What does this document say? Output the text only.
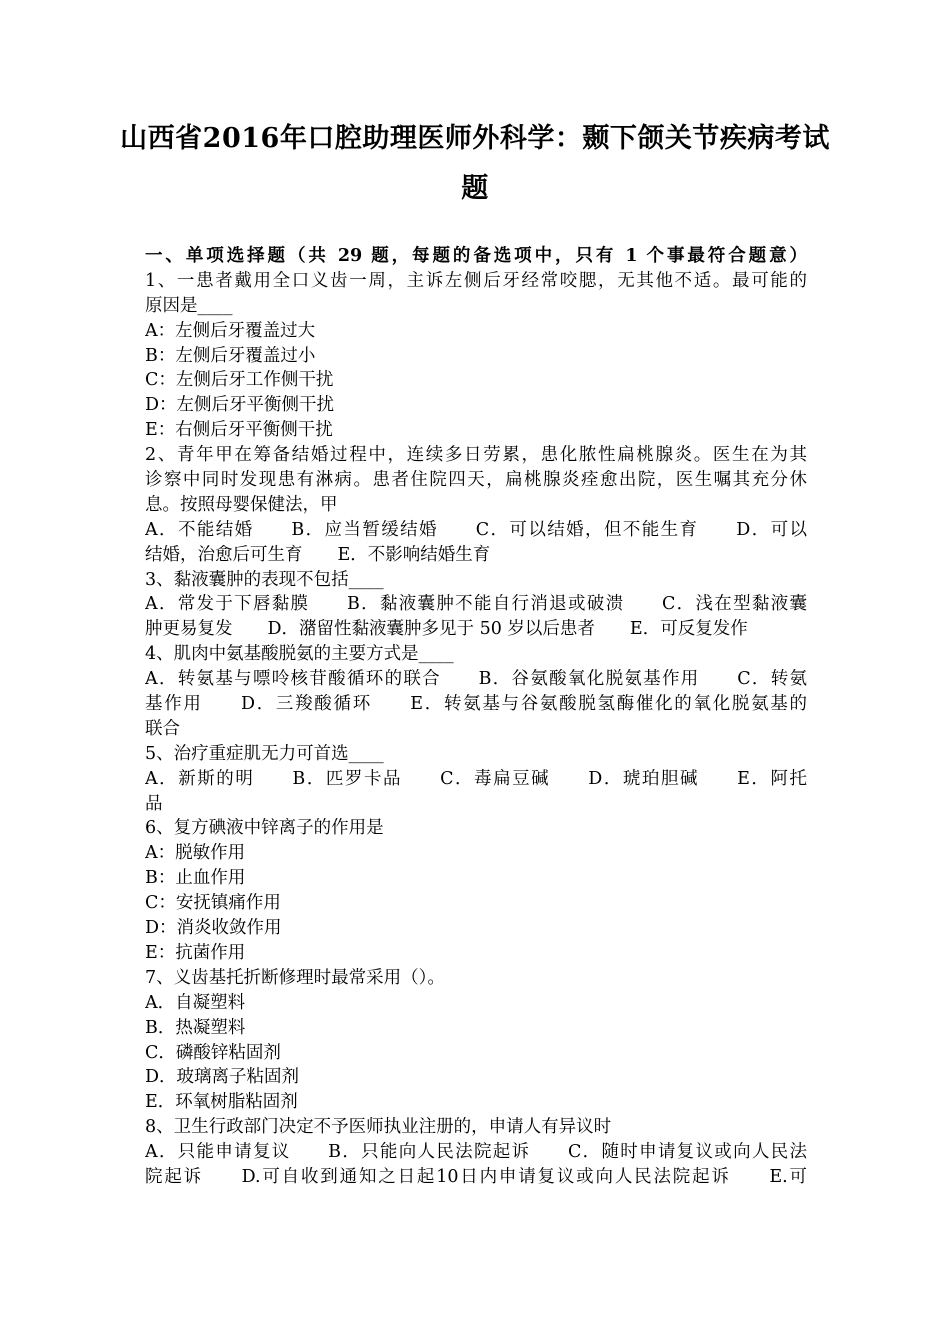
山西省2016年口腔助理医师外科学：颞下颌关节疾病考试
题
一、单项选择题（共 29 题，每题的备选项中，只有 1 个事最符合题意）
1、一患者戴用全口义齿一周，主诉左侧后牙经常咬腮，无其他不适。最可能的
原因是____
A：左侧后牙覆盖过大
B：左侧后牙覆盖过小
C：左侧后牙工作侧干扰
D：左侧后牙平衡侧干扰
E：右侧后牙平衡侧干扰
2、青年甲在筹备结婚过程中，连续多日劳累，患化脓性扁桃腺炎。医生在为其
诊察中同时发现患有淋病。患者住院四天，扁桃腺炎痊愈出院，医生嘱其充分休
息。按照母婴保健法，甲
A．不能结婚　　B．应当暂缓结婚　　C．可以结婚，但不能生育　　D．可以
结婚，治愈后可生育　　E．不影响结婚生育
3、黏液囊肿的表现不包括____
A．常发于下唇黏膜　　B．黏液囊肿不能自行消退或破溃　　C．浅在型黏液囊
肿更易复发　　D．潴留性黏液囊肿多见于 50 岁以后患者　　E．可反复发作
4、肌肉中氨基酸脱氨的主要方式是____
A．转氨基与嘌呤核苷酸循环的联合　　B．谷氨酸氧化脱氨基作用　　C．转氨
基作用　　D．三羧酸循环　　E．转氨基与谷氨酸脱氢酶催化的氧化脱氨基的
联合
5、治疗重症肌无力可首选____
A．新斯的明　　B．匹罗卡品　　C．毒扁豆碱　　D．琥珀胆碱　　E．阿托
品
6、复方碘液中锌离子的作用是
A：脱敏作用
B：止血作用
C：安抚镇痛作用
D：消炎收敛作用
E：抗菌作用
7、义齿基托折断修理时最常采用（）。
A．自凝塑料
B．热凝塑料
C．磷酸锌粘固剂
D．玻璃离子粘固剂
E．环氧树脂粘固剂
8、卫生行政部门决定不予医师执业注册的，申请人有异议时
A．只能申请复议　　B．只能向人民法院起诉　　C．随时申请复议或向人民法
院起诉　　D.可自收到通知之日起10日内申请复议或向人民法院起诉　　E.可
